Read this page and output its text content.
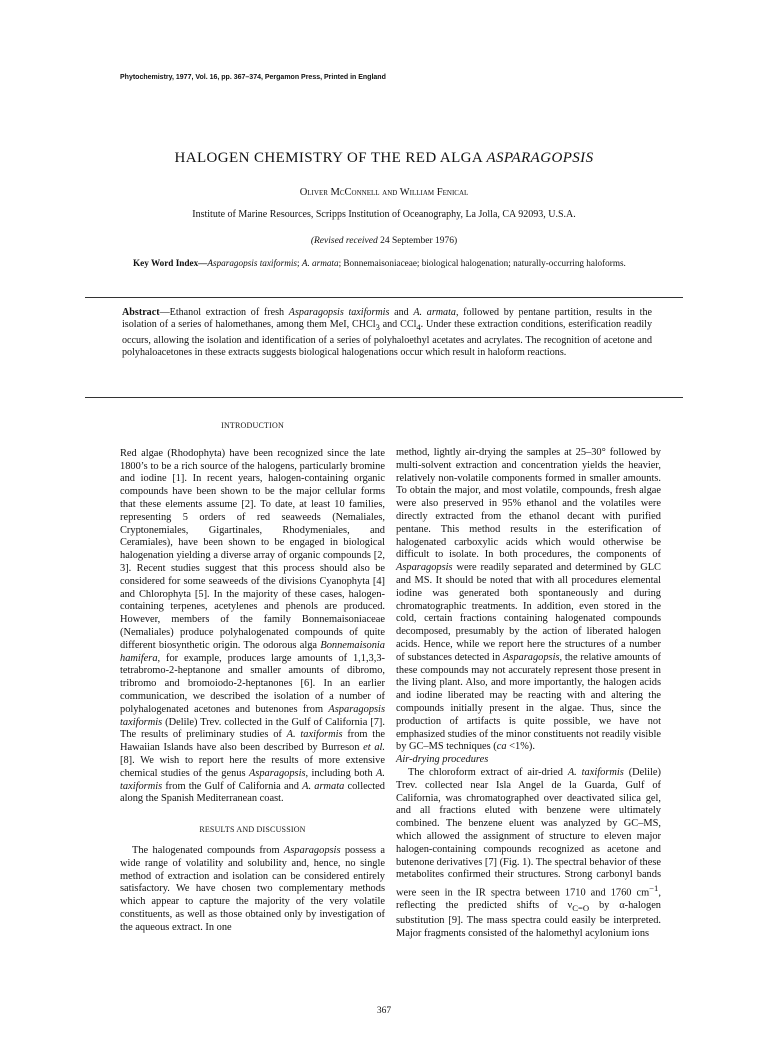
Phytochemistry, 1977, Vol. 16, pp. 367–374, Pergamon Press, Printed in England
HALOGEN CHEMISTRY OF THE RED ALGA ASPARAGOPSIS
Oliver McConnell and William Fenical
Institute of Marine Resources, Scripps Institution of Oceanography, La Jolla, CA 92093, U.S.A.
(Revised received 24 September 1976)
Key Word Index—Asparagopsis taxiformis; A. armata; Bonnemaisoniaceae; biological halogenation; naturally-occurring haloforms.
Abstract—Ethanol extraction of fresh Asparagopsis taxiformis and A. armata, followed by pentane partition, results in the isolation of a series of halomethanes, among them MeI, CHCl$_3$ and CCl$_4$. Under these extraction conditions, esterification readily occurs, allowing the isolation and identification of a series of polyhaloethyl acetates and acrylates. The recognition of acetone and polyhaloacetones in these extracts suggests biological halogenations occur which result in haloform reactions.
INTRODUCTION

Red algae (Rhodophyta) have been recognized since the late 1800’s to be a rich source of the halogens, particularly bromine and iodine [1]. In recent years, halogen-containing organic compounds have been shown to be the major cellular forms that these elements assume [2]. To date, at least 10 families, representing 5 orders of red seaweeds (Nemaliales, Cryptonemiales, Gigartinales, Rhodymeniales, and Ceramiales), have been shown to be engaged in biological halogenation yielding a diverse array of organic compounds [2, 3]. Recent studies suggest that this process should also be considered for some seaweeds of the divisions Cyanophyta [4] and Chlorophyta [5]. In the majority of these cases, halogen-containing terpenes, acetylenes and phenols are produced. However, members of the family Bonnemaisoniaceae (Nemaliales) produce polyhalogenated compounds of quite different biosynthetic origin. The odorous alga Bonnemaisonia hamifera, for example, produces large amounts of 1,1,3,3-tetrabromo-2-heptanone and smaller amounts of dibromo, tribromo and bromoiodo-2-heptanones [6]. In an earlier communication, we described the isolation of a number of polyhalogenated acetones and butenones from Asparagopsis taxiformis (Delile) Trev. collected in the Gulf of California [7]. The results of preliminary studies of A. taxiformis from the Hawaiian Islands have also been described by Burreson et al. [8]. We wish to report here the results of more extensive chemical studies of the genus Asparagopsis, including both A. taxiformis from the Gulf of California and A. armata collected along the Spanish Mediterranean coast.

RESULTS AND DISCUSSION

The halogenated compounds from Asparagopsis possess a wide range of volatility and solubility and, hence, no single method of extraction and isolation can be considered entirely satisfactory. We have chosen two complementary methods which appear to capture the majority of the very volatile constituents, as well as those obtained only by investigation of the aqueous extract. In one

method, lightly air-drying the samples at 25–30° followed by multi-solvent extraction and concentration yields the heavier, relatively non-volatile components formed in smaller amounts. To obtain the major, and most volatile, compounds, fresh algae were also preserved in 95% ethanol and the volatiles were directly extracted from the ethanol decant with purified pentane. This method results in the esterification of halogenated carboxylic acids which would otherwise be difficult to isolate. In both procedures, the components of Asparagopsis were readily separated and determined by GLC and MS. It should be noted that with all procedures elemental iodine was generated both spontaneously and during chromatographic treatments. In addition, even stored in the cold, certain fractions containing halogenated compounds decomposed, presumably by the action of liberated halogen acids. Hence, while we report here the structures of a number of substances detected in Asparagopsis, the relative amounts of these compounds may not accurately represent those present in the living plant. Also, and more importantly, the halogen acids and iodine liberated may be reacting with and altering the compounds initially present in the algae. Thus, since the production of artifacts is quite possible, we have not emphasized studies of the minor constituents not readily visible by GC–MS techniques (ca <1%).

Air-drying procedures

The chloroform extract of air-dried A. taxiformis (Delile) Trev. collected near Isla Angel de la Guarda, Gulf of California, was chromatographed over deactivated silica gel, and all fractions eluted with benzene were ultimately combined. The benzene eluent was analyzed by GC–MS, which allowed the assignment of structure to eleven major halogen-containing compounds recognized as acetone and butenone derivatives [7] (Fig. 1). The spectral behavior of these metabolites confirmed their structures. Strong carbonyl bands were seen in the IR spectra between 1710 and 1760 $cm^{-1}$, reflecting the predicted shifts of $\nu_{C=O}$ by α-halogen substitution [9]. The mass spectra could easily be interpreted. Major fragments consisted of the halomethyl acylonium ions

367
